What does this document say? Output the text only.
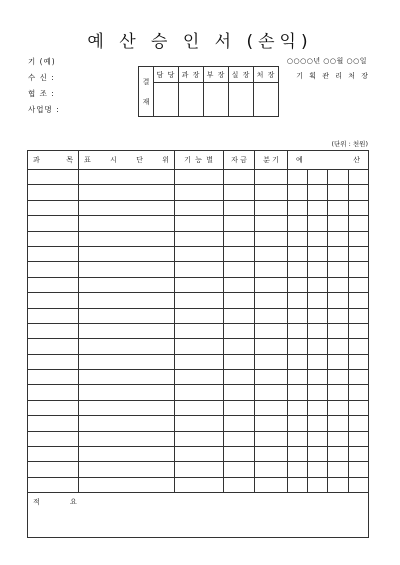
예 산 승 인 서 (손익)
기 (예)
수 신 :
협 조 :
사업명 :
○○○○년 ○○월 ○○일
기 획 관 리 처 장
결
재	담 당	과 장	부 장	실 장	처 장

(단위 : 천원)
과 목	표 시 단 위	기 능 별	자 금	분 기	예 산			

적 요								
